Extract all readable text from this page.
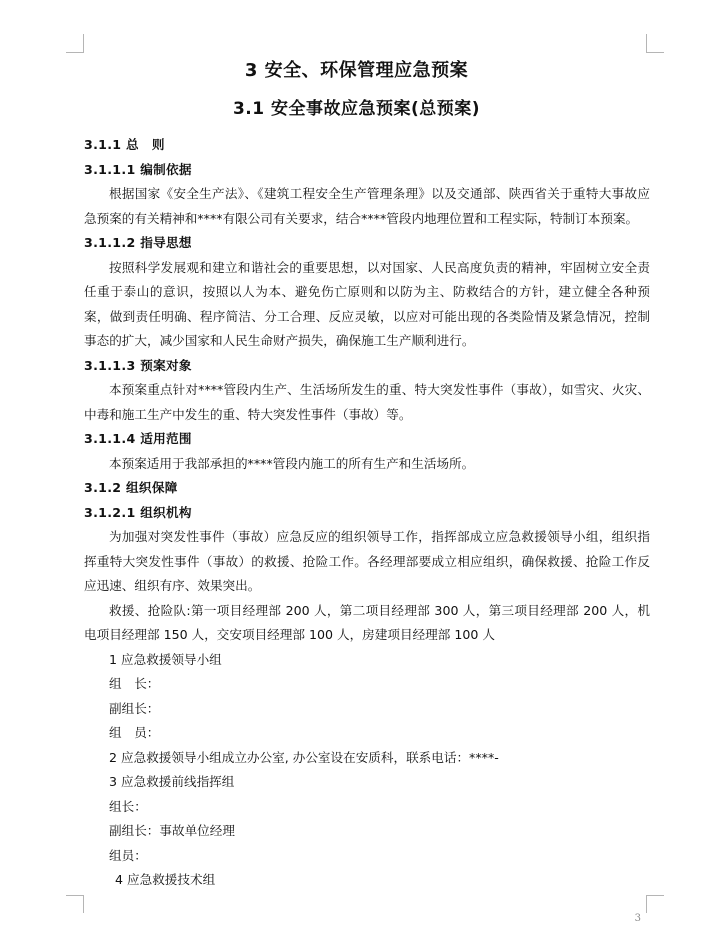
3 安全、环保管理应急预案
3.1 安全事故应急预案(总预案)

3.1.1 总　则

3.1.1.1 编制依据

根据国家《安全生产法》、《建筑工程安全生产管理条理》以及交通部、陕西省关于重特大事故应急预案的有关精神和****有限公司有关要求，结合****管段内地理位置和工程实际，特制订本预案。

3.1.1.2 指导思想

按照科学发展观和建立和谐社会的重要思想，以对国家、人民高度负责的精神，牢固树立安全责任重于泰山的意识，按照以人为本、避免伤亡原则和以防为主、防救结合的方针，建立健全各种预案，做到责任明确、程序简洁、分工合理、反应灵敏，以应对可能出现的各类险情及紧急情况，控制事态的扩大，减少国家和人民生命财产损失，确保施工生产顺利进行。

3.1.1.3 预案对象

本预案重点针对****管段内生产、生活场所发生的重、特大突发性事件（事故），如雪灾、火灾、中毒和施工生产中发生的重、特大突发性事件（事故）等。

3.1.1.4 适用范围

本预案适用于我部承担的****管段内施工的所有生产和生活场所。

3.1.2 组织保障

3.1.2.1 组织机构

为加强对突发性事件（事故）应急反应的组织领导工作，指挥部成立应急救援领导小组，组织指挥重特大突发性事件（事故）的救援、抢险工作。各经理部要成立相应组织，确保救援、抢险工作反应迅速、组织有序、效果突出。

救援、抢险队:第一项目经理部 200 人，第二项目经理部 300 人，第三项目经理部 200 人，机电项目经理部 150 人，交安项目经理部 100 人，房建项目经理部 100 人

1 应急救援领导小组

组　长：

副组长：

组　员：

2 应急救援领导小组成立办公室, 办公室设在安质科，联系电话：****-

3 应急救援前线指挥组

组长：

副组长：事故单位经理

组员：

4 应急救援技术组

3
